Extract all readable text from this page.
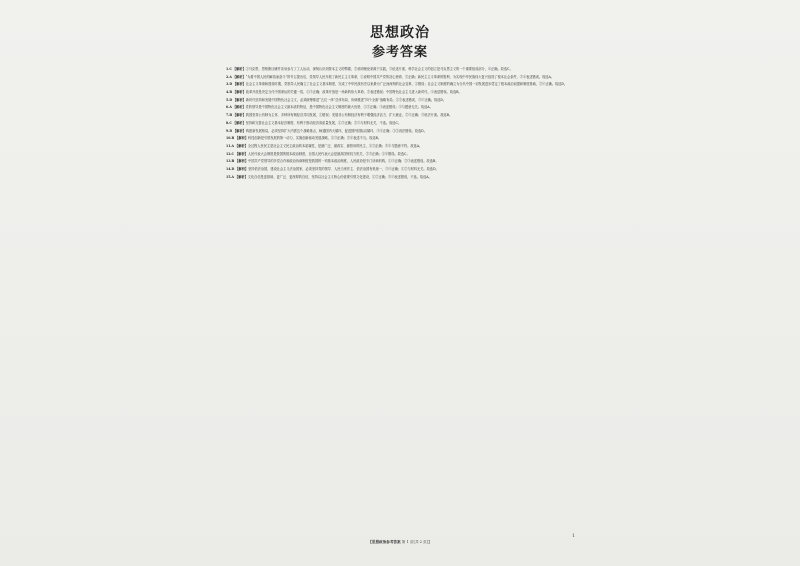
思想政治
参考答案

1.C 【解析】①马克思、恩格斯目睹并亲身参与了工人运动，深刻认识到资本主义的弊端，②说明理论来源于实践，③论述片面，科学社会主义的创立是马克思主义的一个重要组成部分，④正确。故选C。

2.A 【解析】“为着中国人民的解放而奋斗”的号召提出后，党领导人民开展了新民主主义革命，①说明中国共产党的初心使命，②正确；新民主主义革命的胜利，为实现中华民族伟大复兴创造了根本社会条件，③④表述错误。故选A。

3.D 【解析】社会主义革命和建设时期，党领导人民确立了社会主义基本制度，完成了中华民族有史以来最为广泛而深刻的社会变革，①错误；社会主义制度的确立为当代中国一切发展进步奠定了根本政治前提和制度基础，②④正确。故选D。

4.B 【解析】改革开放是决定当代中国命运的关键一招，①③正确；改革开放是一场新的伟大革命，②表述错误；中国特色社会主义进入新时代，④表述错误。故选B。

5.D 【解析】新时代坚持和发展中国特色社会主义，必须统筹推进“五位一体”总体布局，协调推进“四个全面”战略布局，①②表述错误，③④正确。故选D。

6.A 【解析】党的领导是中国特色社会主义最本质的特征，是中国特色社会主义制度的最大优势，①②正确；③表述错误；④与题意无关。故选A。

7.B 【解析】我国坚持公有制为主体、多种所有制经济共同发展，①错误；发展非公有制经济有利于增强经济活力、扩大就业，②④正确；③说法片面。故选B。

8.C 【解析】坚持和完善社会主义基本经济制度，有利于推动经济高质量发展，①③正确；②④与材料无关，不选。故选C。

9.D 【解析】构建新发展格局，必须坚持扩大内需这个战略基点，畅通国内大循环，促进国内国际双循环，③④正确；①②说法错误。故选D。

10.B 【解析】科技创新是引领发展的第一动力，实施创新驱动发展战略，①③正确；②④表述不当。故选B。

11.A 【解析】全过程人民民主是社会主义民主政治的本质属性，是最广泛、最真实、最管用的民主，①②正确；③④与题意不符。故选A。

12.C 【解析】人民代表大会制度是我国的根本政治制度，全国人民代表大会是最高国家权力机关，②③正确；①④错误。故选C。

13.B 【解析】中国共产党领导的多党合作和政治协商制度是我国的一项基本政治制度，人民政协是专门协商机构，①④正确；②③表述错误。故选B。

14.D 【解析】坚持依法治国，建设社会主义法治国家，必须坚持党的领导、人民当家作主、依法治国有机统一，③④正确；①②与材料无关。故选D。

15.A 【解析】文化自信是更基础、更广泛、更深厚的自信，坚持以社会主义核心价值观引领文化建设，①②正确；③④表述错误，不选。故选A。

【思想政治参考答案 第 1 页(共 2 页)】
1
